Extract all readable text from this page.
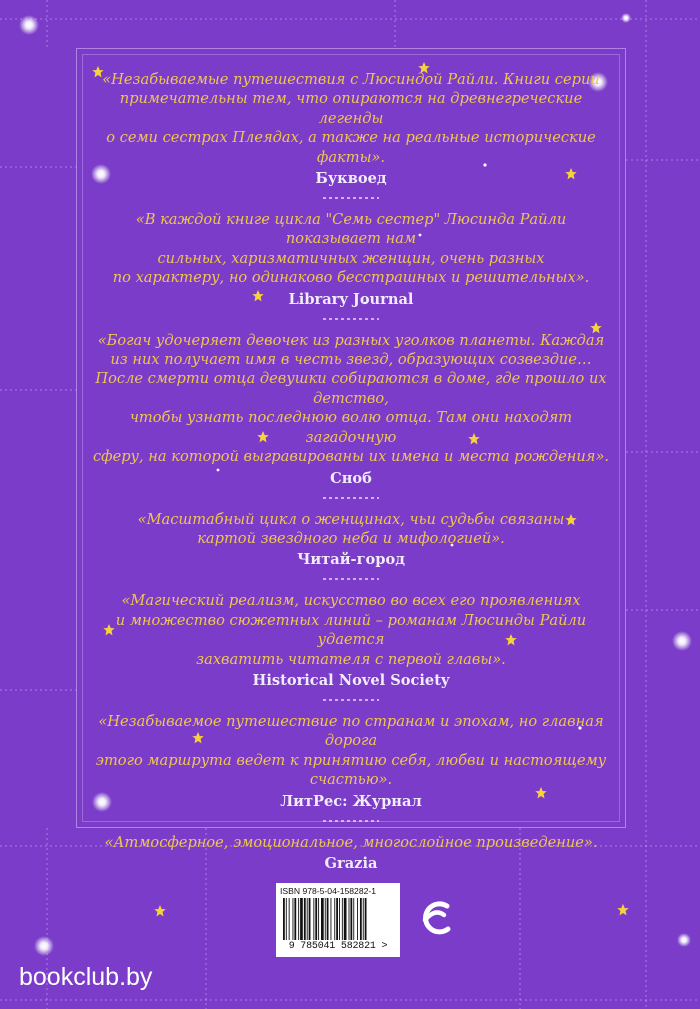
«Незабываемые путешествия с Люсиндой Райли. Книги серии
примечательны тем, что опираются на древнегреческие легенды
о семи сестрах Плеядах, а также на реальные исторические факты».

Буквоед

«В каждой книге цикла "Семь сестер" Люсинда Райли показывает нам
сильных, харизматичных женщин, очень разных
по характеру, но одинаково бесстрашных и решительных».

Library Journal

«Богач удочеряет девочек из разных уголков планеты. Каждая
из них получает имя в честь звезд, образующих созвездие…
После смерти отца девушки собираются в доме, где прошло их детство,
чтобы узнать последнюю волю отца. Там они находят загадочную
сферу, на которой выгравированы их имена и места рождения».

Сноб

«Масштабный цикл о женщинах, чьи судьбы связаны
картой звездного неба и мифологией».

Читай-город

«Магический реализм, искусство во всех его проявлениях
и множество сюжетных линий – романам Люсинды Райли удается
захватить читателя с первой главы».

Historical Novel Society

«Незабываемое путешествие по странам и эпохам, но главная дорога
этого маршрута ведет к принятию себя, любви и настоящему счастью».

ЛитРес: Журнал

«Атмосферное, эмоциональное, многослойное произведение».

Grazia

ISBN 978-5-04-158282-1
9 785041 582821 >
bookclub.by
